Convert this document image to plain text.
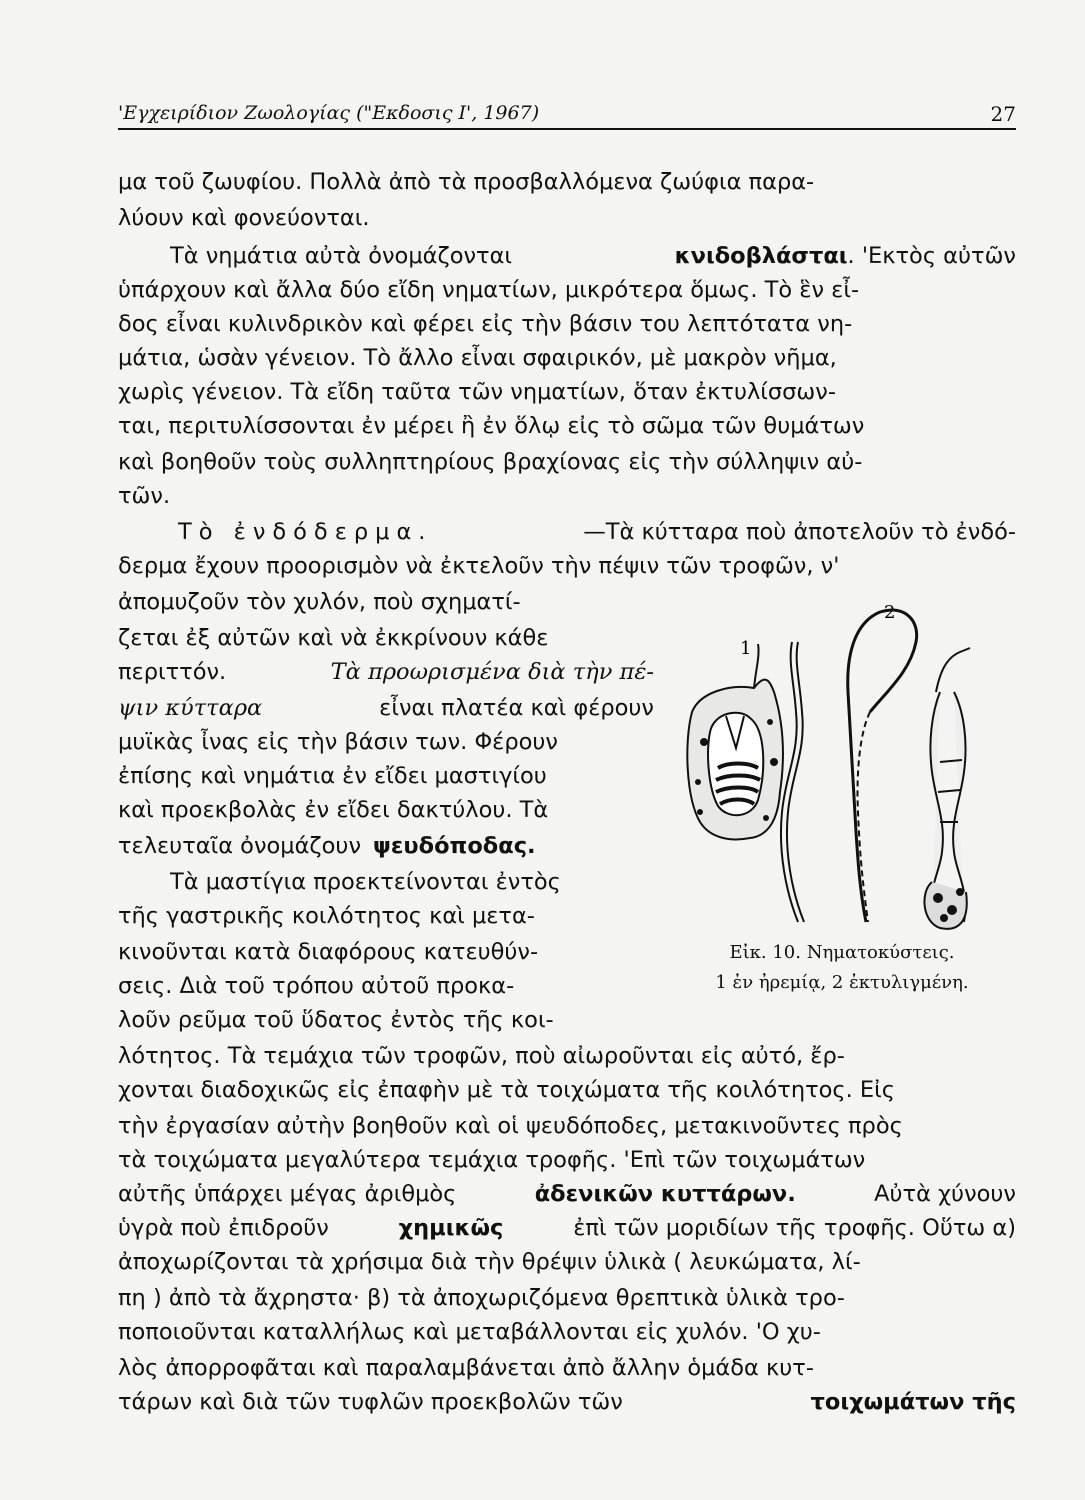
'Εγχειρίδιον Ζωολογίας ("Εκδοσις Ι', 1967)	27
μα τοῦ ζωυφίου. Πολλὰ ἀπὸ τὰ προσβαλλόμενα ζωύφια παρα-
λύουν καὶ φονεύονται.
Τὰ νημάτια αὐτὰ ὀνομάζονται	κνιδοβλάσται. 'Εκτὸς αὐτῶν
ὑπάρχουν καὶ ἄλλα δύο εἴδη νηματίων, μικρότερα ὅμως. Τὸ ἓν εἶ-
δος εἶναι κυλινδρικὸν καὶ φέρει εἰς τὴν βάσιν του λεπτότατα νη-
μάτια, ὡσὰν γένειον. Τὸ ἄλλο εἶναι σφαιρικόν, μὲ μακρὸν νῆμα,
χωρὶς γένειον. Τὰ εἴδη ταῦτα τῶν νηματίων, ὅταν ἐκτυλίσσων-
ται, περιτυλίσσονται ἐν μέρει ἢ ἐν ὅλῳ εἰς τὸ σῶμα τῶν θυμάτων
καὶ βοηθοῦν τοὺς συλληπτηρίους βραχίονας εἰς τὴν σύλληψιν αὐ-
τῶν.
Τὸ ἐνδόδερμα.	—Τὰ κύτταρα ποὺ ἀποτελοῦν τὸ ἐνδό-
δερμα ἔχουν προορισμὸν νὰ ἐκτελοῦν τὴν πέψιν τῶν τροφῶν, ν'
ἀπομυζοῦν τὸν χυλόν, ποὺ σχηματί-
ζεται ἐξ αὐτῶν καὶ νὰ ἐκκρίνουν κάθε
περιττόν.	Τὰ προωρισμένα διὰ τὴν πέ-
ψιν κύτταρα	εἶναι πλατέα καὶ φέρουν
μυϊκὰς ἶνας εἰς τὴν βάσιν των. Φέρουν
ἐπίσης καὶ νημάτια ἐν εἴδει μαστιγίου
καὶ προεκβολὰς ἐν εἴδει δακτύλου. Τὰ
τελευταῖα ὀνομάζουν ψευδόποδας.
Τὰ μαστίγια προεκτείνονται ἐντὸς
τῆς γαστρικῆς κοιλότητος καὶ μετα-
κινοῦνται κατὰ διαφόρους κατευθύν-
σεις. Διὰ τοῦ τρόπου αὐτοῦ προκα-
λοῦν ρεῦμα τοῦ ὕδατος ἐντὸς τῆς κοι-
λότητος. Τὰ τεμάχια τῶν τροφῶν, ποὺ αἰωροῦνται εἰς αὐτό, ἔρ-
χονται διαδοχικῶς εἰς ἐπαφὴν μὲ τὰ τοιχώματα τῆς κοιλότητος. Εἰς
τὴν ἐργασίαν αὐτὴν βοηθοῦν καὶ οἱ ψευδόποδες, μετακινοῦντες πρὸς
τὰ τοιχώματα μεγαλύτερα τεμάχια τροφῆς. 'Επὶ τῶν τοιχωμάτων
αὐτῆς ὑπάρχει μέγας ἀριθμὸς	ἀδενικῶν κυττάρων.	Αὐτὰ χύνουν
ὑγρὰ ποὺ ἐπιδροῦν	χημικῶς	ἐπὶ τῶν μοριδίων τῆς τροφῆς. Οὕτω α)
ἀποχωρίζονται τὰ χρήσιμα διὰ τὴν θρέψιν ὑλικὰ ( λευκώματα, λί-
πη ) ἀπὸ τὰ ἄχρηστα· β) τὰ ἀποχωριζόμενα θρεπτικὰ ὑλικὰ τρο-
ποποιοῦνται καταλλήλως καὶ μεταβάλλονται εἰς χυλόν. 'Ο χυ-
λὸς ἀπορροφᾶται καὶ παραλαμβάνεται ἀπὸ ἄλλην ὁμάδα κυτ-
τάρων καὶ διὰ τῶν τυφλῶν προεκβολῶν τῶν	τοιχωμάτων τῆς
1
2
Εἰκ. 10. Νηματοκύστεις.
1 ἐν ἠρεμίᾳ, 2 ἐκτυλιγμένη.
